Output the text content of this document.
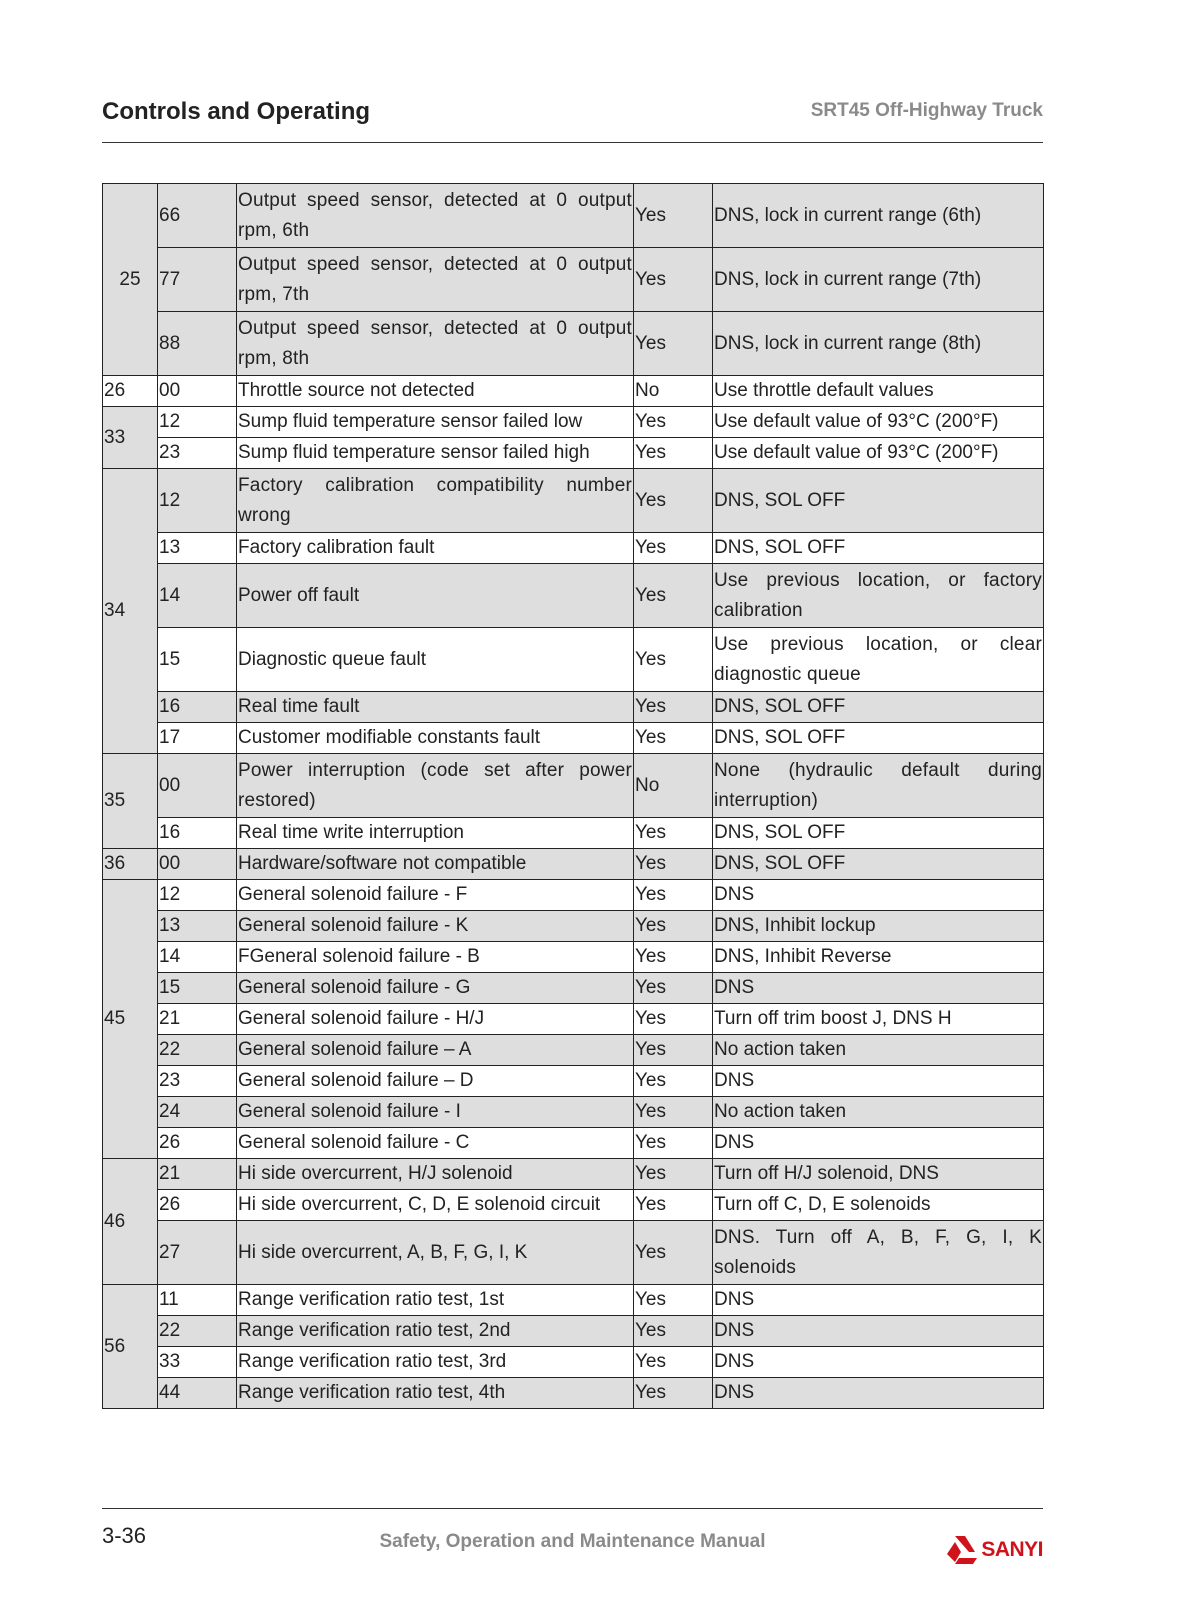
Controls and Operating	SRT45 Off-Highway Truck
25	66	Output speed sensor, detected at 0 output rpm, 6th	Yes	DNS, lock in current range (6th)
	77	Output speed sensor, detected at 0 output rpm, 7th	Yes	DNS, lock in current range (7th)
	88	Output speed sensor, detected at 0 output rpm, 8th	Yes	DNS, lock in current range (8th)
26	00	Throttle source not detected	No	Use throttle default values
33	12	Sump fluid temperature sensor failed low	Yes	Use default value of 93°C (200°F)
	23	Sump fluid temperature sensor failed high	Yes	Use default value of 93°C (200°F)
34	12	Factory calibration compatibility number wrong	Yes	DNS, SOL OFF
	13	Factory calibration fault	Yes	DNS, SOL OFF
	14	Power off fault	Yes	Use previous location, or factory calibration
	15	Diagnostic queue fault	Yes	Use previous location, or clear diagnostic queue
	16	Real time fault	Yes	DNS, SOL OFF
	17	Customer modifiable constants fault	Yes	DNS, SOL OFF
35	00	Power interruption (code set after power restored)	No	None (hydraulic default during interruption)
	16	Real time write interruption	Yes	DNS, SOL OFF
36	00	Hardware/software not compatible	Yes	DNS, SOL OFF
45	12	General solenoid failure - F	Yes	DNS
	13	General solenoid failure - K	Yes	DNS, Inhibit lockup
	14	FGeneral solenoid failure - B	Yes	DNS, Inhibit Reverse
	15	General solenoid failure - G	Yes	DNS
	21	General solenoid failure - H/J	Yes	Turn off trim boost J, DNS H
	22	General solenoid failure – A	Yes	No action taken
	23	General solenoid failure – D	Yes	DNS
	24	General solenoid failure - I	Yes	No action taken
	26	General solenoid failure - C	Yes	DNS
46	21	Hi side overcurrent, H/J solenoid	Yes	Turn off H/J solenoid, DNS
	26	Hi side overcurrent, C, D, E solenoid circuit	Yes	Turn off C, D, E solenoids
	27	Hi side overcurrent, A, B, F, G, I, K	Yes	DNS. Turn off A, B, F, G, I, K solenoids
56	11	Range verification ratio test, 1st	Yes	DNS
	22	Range verification ratio test, 2nd	Yes	DNS
	33	Range verification ratio test, 3rd	Yes	DNS
	44	Range verification ratio test, 4th	Yes	DNS
3-36	Safety, Operation and Maintenance Manual	SANYI
